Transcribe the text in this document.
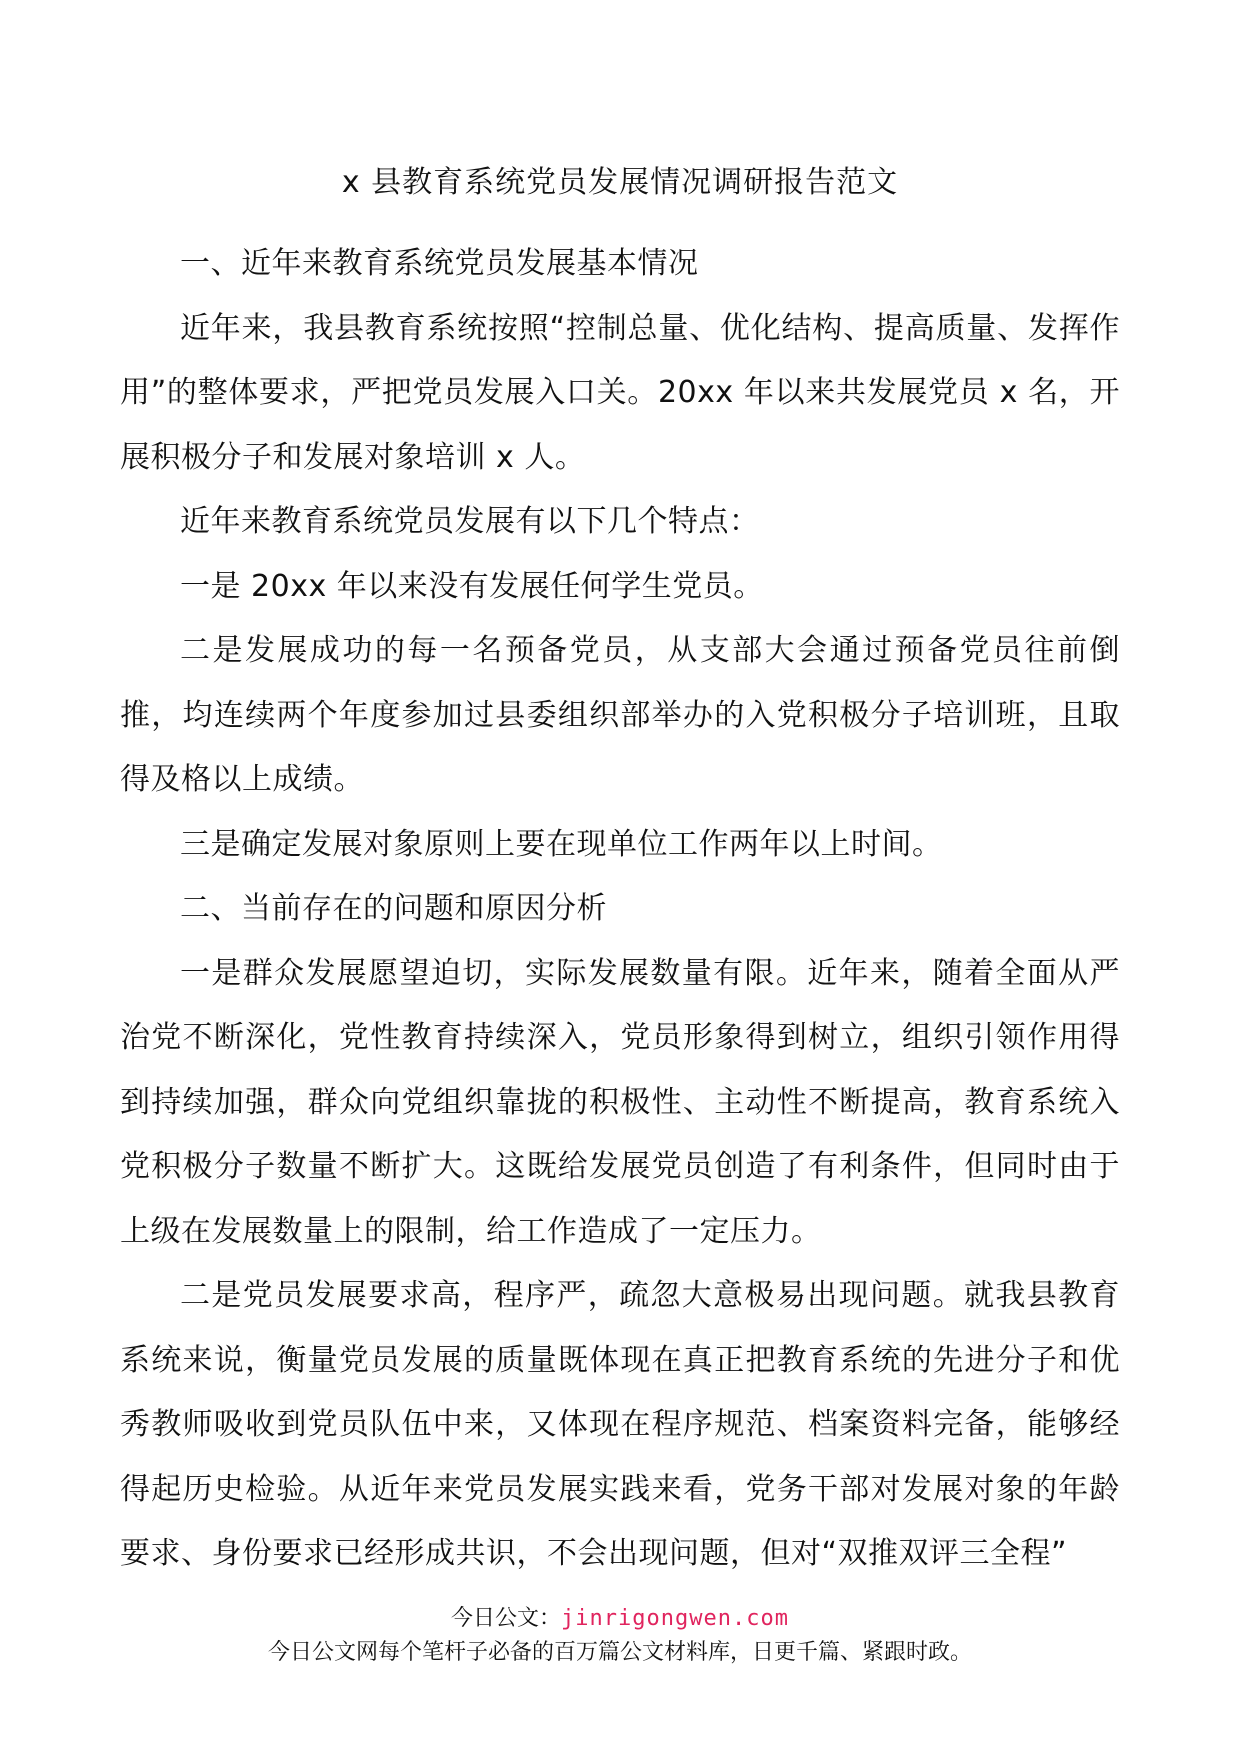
x 县教育系统党员发展情况调研报告范文

一、近年来教育系统党员发展基本情况

近年来，我县教育系统按照“控制总量、优化结构、提高质量、发挥作用”的整体要求，严把党员发展入口关。20xx 年以来共发展党员 x 名，开展积极分子和发展对象培训 x 人。

近年来教育系统党员发展有以下几个特点：

一是 20xx 年以来没有发展任何学生党员。

二是发展成功的每一名预备党员，从支部大会通过预备党员往前倒推，均连续两个年度参加过县委组织部举办的入党积极分子培训班，且取得及格以上成绩。

三是确定发展对象原则上要在现单位工作两年以上时间。

二、当前存在的问题和原因分析

一是群众发展愿望迫切，实际发展数量有限。近年来，随着全面从严治党不断深化，党性教育持续深入，党员形象得到树立，组织引领作用得到持续加强，群众向党组织靠拢的积极性、主动性不断提高，教育系统入党积极分子数量不断扩大。这既给发展党员创造了有利条件，但同时由于上级在发展数量上的限制，给工作造成了一定压力。

二是党员发展要求高，程序严，疏忽大意极易出现问题。就我县教育系统来说，衡量党员发展的质量既体现在真正把教育系统的先进分子和优秀教师吸收到党员队伍中来，又体现在程序规范、档案资料完备，能够经得起历史检验。从近年来党员发展实践来看，党务干部对发展对象的年龄要求、身份要求已经形成共识，不会出现问题，但对“双推双评三全程”

今日公文：jinrigongwen.com
今日公文网每个笔杆子必备的百万篇公文材料库，日更千篇、紧跟时政。
